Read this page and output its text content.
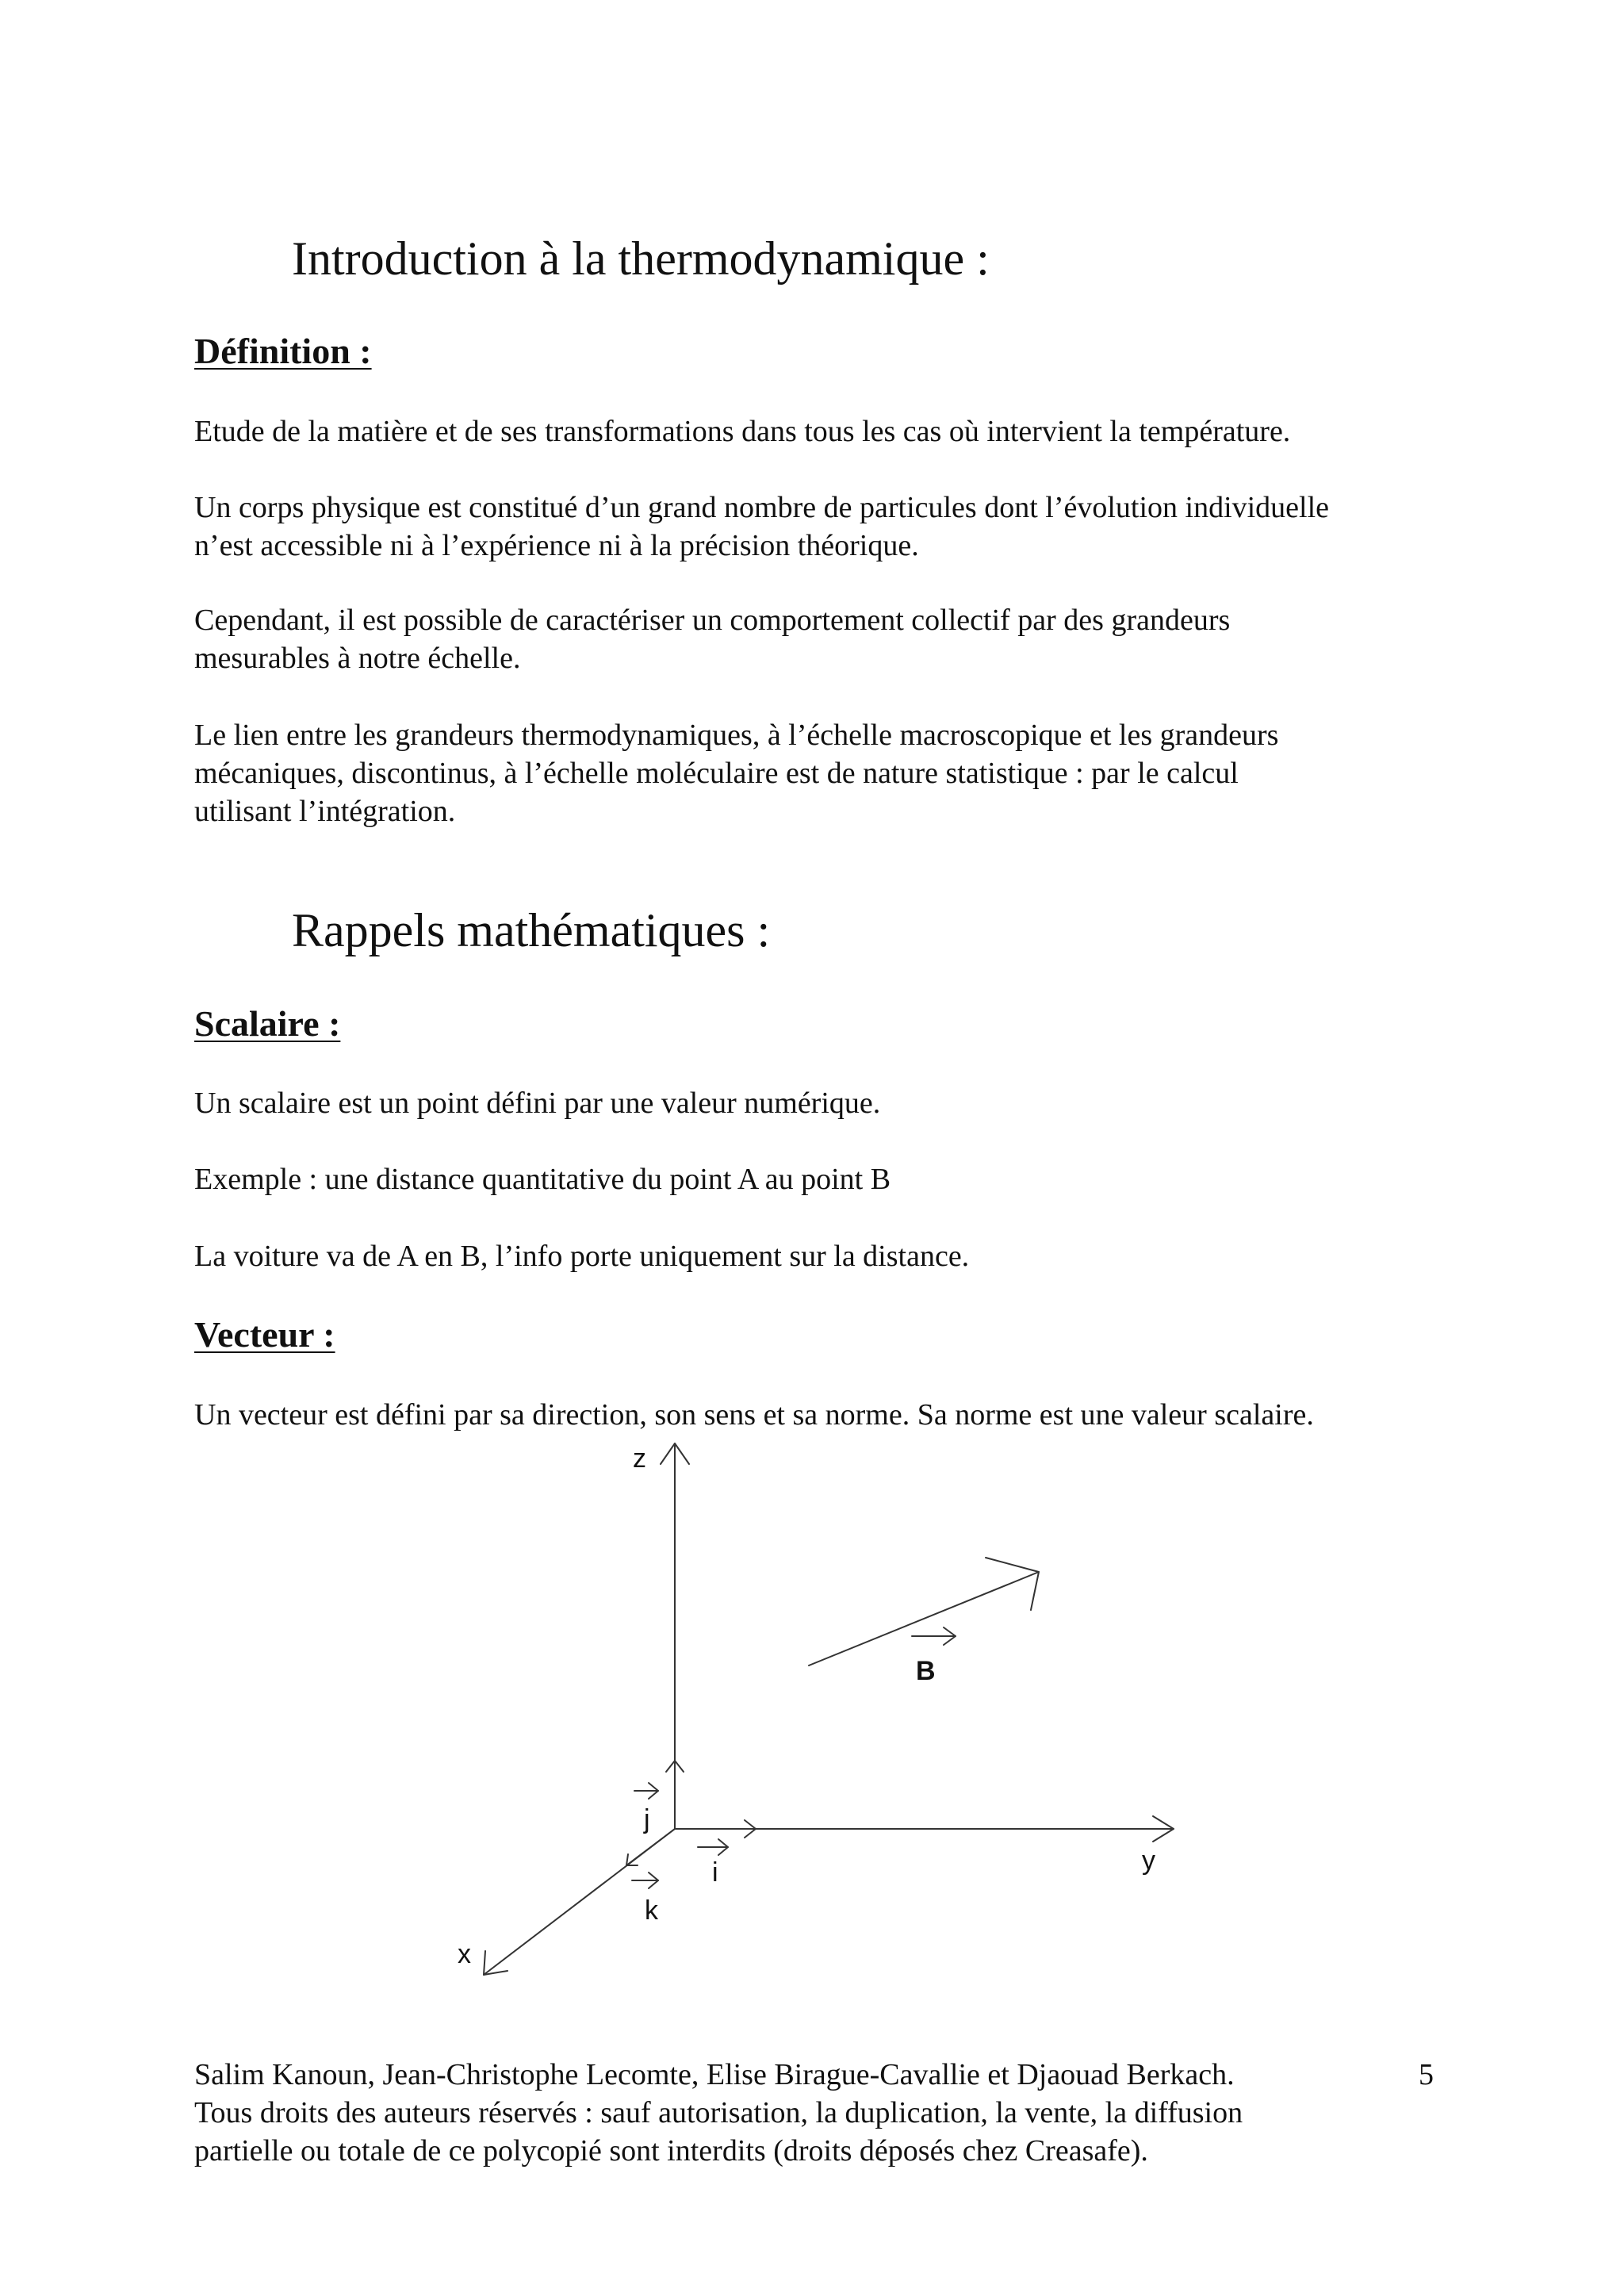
Introduction à la thermodynamique :
Définition :
Etude de la matière et de ses transformations dans tous les cas où intervient la température.
Un corps physique est constitué d’un grand nombre de particules dont l’évolution individuelle
n’est accessible ni à l’expérience ni à la précision théorique.
Cependant, il est possible de caractériser un comportement collectif par des grandeurs
mesurables à notre échelle.
Le lien entre les grandeurs thermodynamiques, à l’échelle macroscopique et les grandeurs
mécaniques, discontinus, à l’échelle moléculaire est de nature statistique : par le calcul
utilisant l’intégration.
Rappels mathématiques :
Scalaire :
Un scalaire est un point défini par une valeur numérique.
Exemple : une distance quantitative du point A au point B
La voiture va de A en B, l’info porte uniquement sur la distance.
Vecteur :
Un vecteur est défini par sa direction, son sens et sa norme. Sa norme est une valeur scalaire.
z
y
x
j
i
k
B
Salim Kanoun, Jean-Christophe Lecomte, Elise Birague-Cavallie et Djaouad Berkach.
Tous droits des auteurs réservés : sauf autorisation, la duplication, la vente, la diffusion
partielle ou totale de ce polycopié sont interdits (droits déposés chez Creasafe).
5
